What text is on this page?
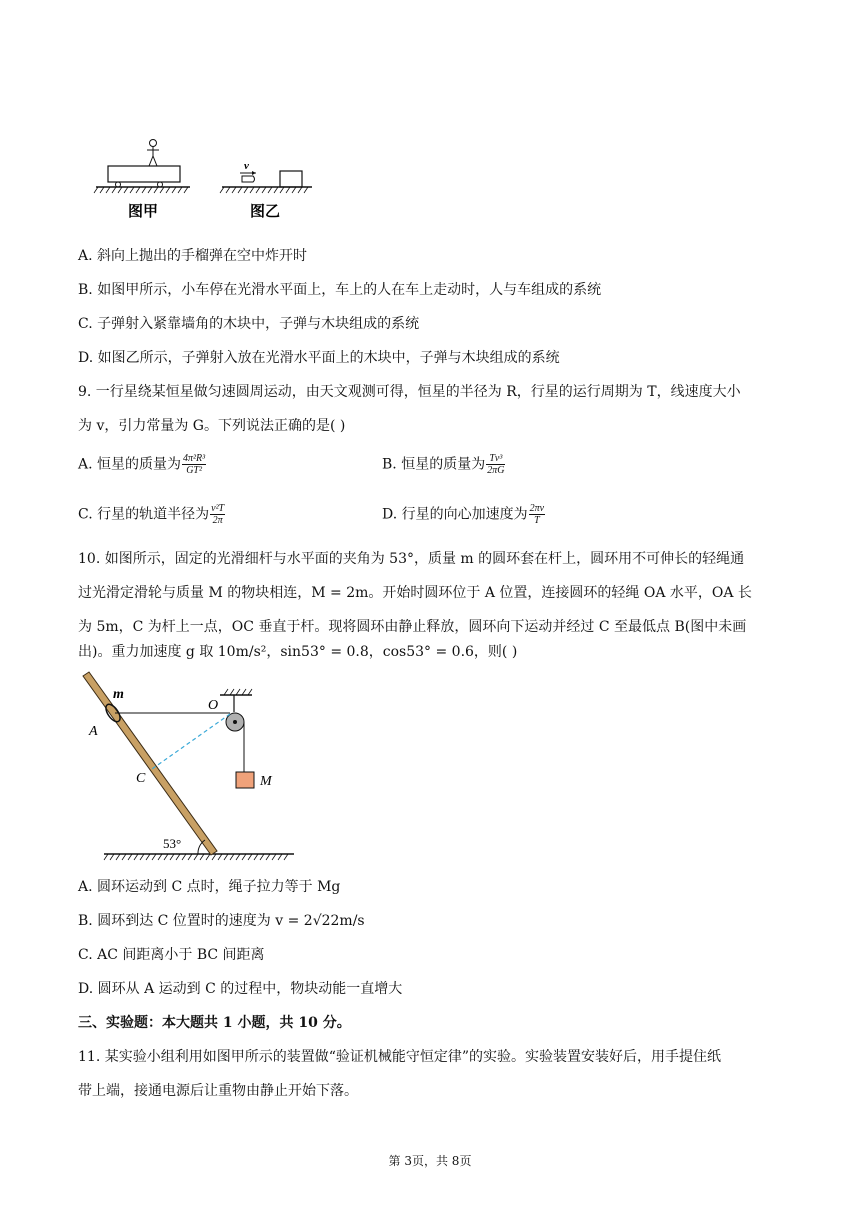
图甲
v
图乙
A. 斜向上抛出的手榴弹在空中炸开时
B. 如图甲所示，小车停在光滑水平面上，车上的人在车上走动时，人与车组成的系统
C. 子弹射入紧靠墙角的木块中，子弹与木块组成的系统
D. 如图乙所示，子弹射入放在光滑水平面上的木块中，子弹与木块组成的系统
9. 一行星绕某恒星做匀速圆周运动，由天文观测可得，恒星的半径为 R，行星的运行周期为 T，线速度大小
为 v，引力常量为 G。下列说法正确的是( )
A. 恒星的质量为 $\frac{\text{4π²R³}}{\text{GT²}}$	B. 恒星的质量为 $\frac{\text{Tv³}}{2\pi G}$
C. 行星的轨道半径为 $\frac{\text{v²T}}{2\pi}$	D. 行星的向心加速度为 $\frac{2\pi v}{T}$
10. 如图所示，固定的光滑细杆与水平面的夹角为 53°，质量 m 的圆环套在杆上，圆环用不可伸长的轻绳通
过光滑定滑轮与质量 M 的物块相连，M = 2m。开始时圆环位于 A 位置，连接圆环的轻绳 OA 水平，OA 长
为 5m，C 为杆上一点，OC 垂直于杆。现将圆环由静止释放，圆环向下运动并经过 C 至最低点 B(图中未画
出)。重力加速度 g 取 10m/s²，sin53° = 0.8，cos53° = 0.6，则( )
53°
m
A
O
C	M
A. 圆环运动到 C 点时，绳子拉力等于 Mg
B. 圆环到达 C 位置时的速度为 v = 2√22m/s
C. AC 间距离小于 BC 间距离
D. 圆环从 A 运动到 C 的过程中，物块动能一直增大
三、实验题：本大题共 1 小题，共 10 分。
11. 某实验小组利用如图甲所示的装置做“验证机械能守恒定律”的实验。实验装置安装好后，用手提住纸
带上端，接通电源后让重物由静止开始下落。
第 3页，共 8页
